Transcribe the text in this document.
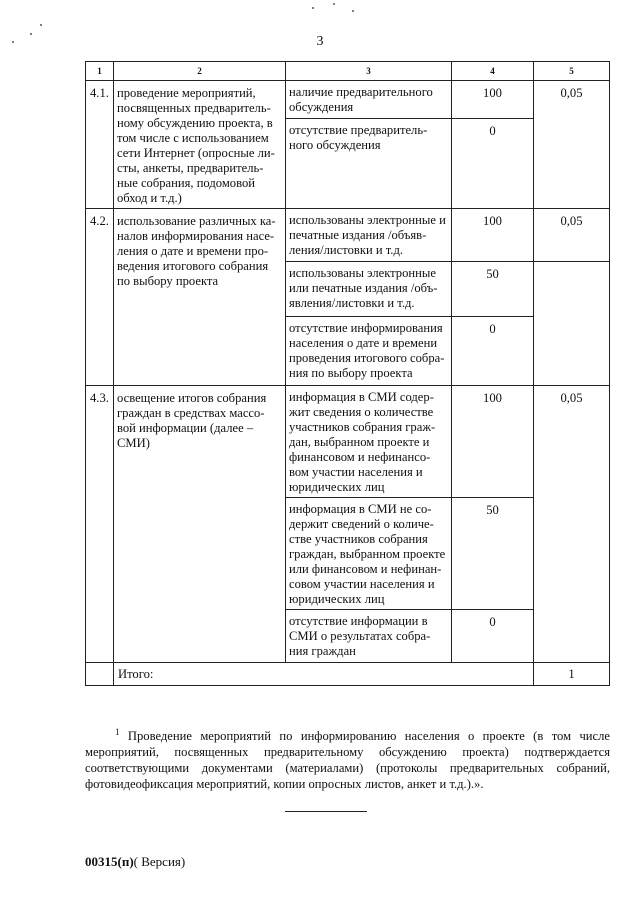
3
1	2	3	4	5
4.1.	проведение мероприятий, посвященных предваритель-ному обсуждению проекта, в том числе с использованием сети Интернет (опросные ли-сты, анкеты, предваритель-ные собрания, подомовой обход и т.д.)	наличие предварительного обсуждения	100	0,05
		отсутствие предваритель-ного обсуждения	0	
4.2.	использование различных ка-налов информирования насе-ления о дате и времени про-ведения итогового собрания по выбору проекта	использованы электронные и печатные издания /объяв-ления/листовки и т.д.	100	0,05
		использованы электронные или печатные издания /объ-явления/листовки и т.д.	50	
		отсутствие информирования населения о дате и времени проведения итогового собра-ния по выбору проекта	0	
4.3.	освещение итогов собрания граждан в средствах массо-вой информации (далее – СМИ)	информация в СМИ содер-жит сведения о количестве участников собрания граж-дан, выбранном проекте и финансовом и нефинансо-вом участии населения и юридических лиц	100	0,05
		информация в СМИ не со-держит сведений о количе-стве участников собрания граждан, выбранном проекте или финансовом и нефинан-совом участии населения и юридических лиц	50	
		отсутствие информации в СМИ о результатах собра-ния граждан	0	
	Итого:			1
$^1$ Проведение мероприятий по информированию населения о проекте (в том числе мероприятий, посвященных предварительному обсуждению проекта) подтверждается соответствующими документами (материалами) (протоколы предварительных собраний, фотовидеофиксация мероприятий, копии опросных листов, анкет и т.д.).».
00315(п)( Версия)
